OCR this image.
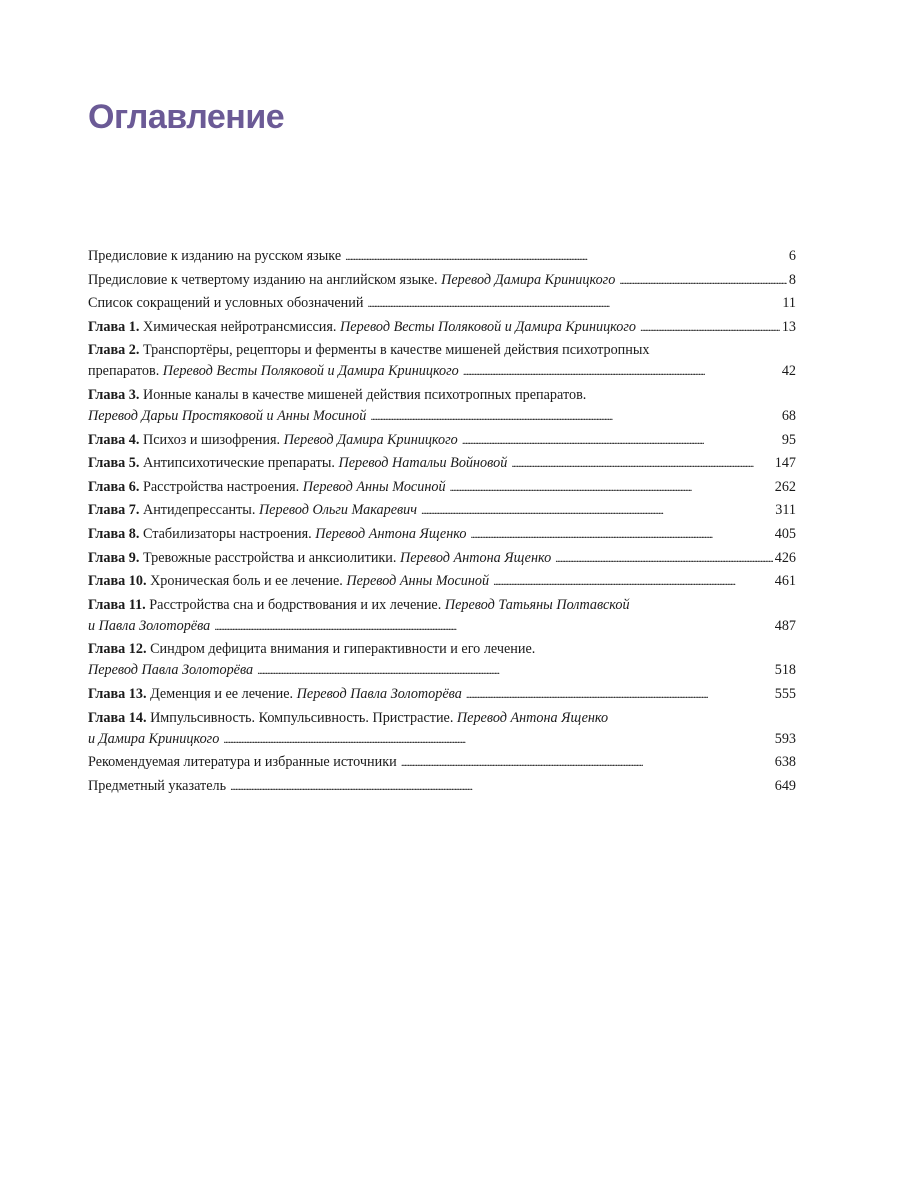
Оглавление
Предисловие к изданию на русском языке . . .	6
Предисловие к четвертому изданию на английском языке. Перевод Дамира Криницкого . . .	8
Список сокращений и условных обозначений . . .	11
Глава 1. Химическая нейротрансмиссия. Перевод Весты Поляковой и Дамира Криницкого . . .	13
Глава 2. Транспортёры, рецепторы и ферменты в качестве мишеней действия психотропных
препаратов. Перевод Весты Поляковой и Дамира Криницкого . . .	42
Глава 3. Ионные каналы в качестве мишеней действия психотропных препаратов.
Перевод Дарьи Простяковой и Анны Мосиной . . .	68
Глава 4. Психоз и шизофрения. Перевод Дамира Криницкого . . .	95
Глава 5. Антипсихотические препараты. Перевод Натальи Войновой . . .	147
Глава 6. Расстройства настроения. Перевод Анны Мосиной . . .	262
Глава 7. Антидепрессанты. Перевод Ольги Макаревич . . .	311
Глава 8. Стабилизаторы настроения. Перевод Антона Ященко . . .	405
Глава 9. Тревожные расстройства и анксиолитики. Перевод Антона Ященко . . .	426
Глава 10. Хроническая боль и ее лечение. Перевод Анны Мосиной . . .	461
Глава 11. Расстройства сна и бодрствования и их лечение. Перевод Татьяны Полтавской
и Павла Золотоpёва . . .	487
Глава 12. Синдром дефицита внимания и гиперактивности и его лечение.
Перевод Павла Золоторёва . . .	518
Глава 13. Деменция и ее лечение. Перевод Павла Золоторёва . . .	555
Глава 14. Импульсивность. Компульсивность. Пристрастие. Перевод Антона Ященко
и Дамира Криницкого . . .	593
Рекомендуемая литература и избранные источники . . .	638
Предметный указатель . . .	649
